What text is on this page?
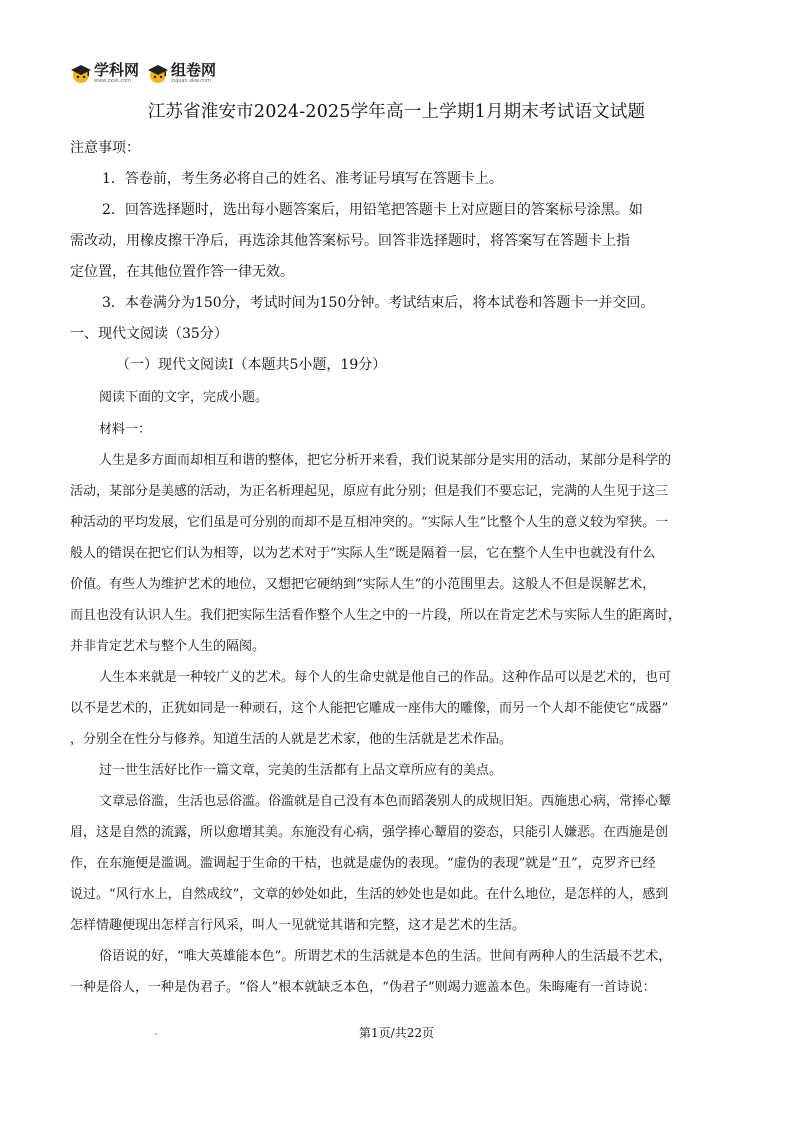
学科网
www.zxxk.com
组卷网
zujuan.xkw.com
江苏省淮安市2024-2025学年高一上学期1月期末考试语文试题
注意事项：
1．答卷前，考生务必将自己的姓名、准考证号填写在答题卡上。
2．回答选择题时，选出每小题答案后，用铅笔把答题卡上对应题目的答案标号涂黑。如
需改动，用橡皮擦干净后，再选涂其他答案标号。回答非选择题时，将答案写在答题卡上指
定位置，在其他位置作答一律无效。
3．本卷满分为150分，考试时间为150分钟。考试结束后，将本试卷和答题卡一并交回。
一、现代文阅读（35分）
（一）现代文阅读Ⅰ（本题共5小题，19分）
阅读下面的文字，完成小题。
材料一：
人生是多方面而却相互和谐的整体，把它分析开来看，我们说某部分是实用的活动，某部分是科学的
活动，某部分是美感的活动，为正名析理起见，原应有此分别；但是我们不要忘记，完满的人生见于这三
种活动的平均发展，它们虽是可分别的而却不是互相冲突的。“实际人生”比整个人生的意义较为窄狭。一
般人的错误在把它们认为相等，以为艺术对于“实际人生”既是隔着一层，它在整个人生中也就没有什么
价值。有些人为维护艺术的地位，又想把它硬纳到“实际人生”的小范围里去。这般人不但是误解艺术，
而且也没有认识人生。我们把实际生活看作整个人生之中的一片段，所以在肯定艺术与实际人生的距离时，
并非肯定艺术与整个人生的隔阂。
人生本来就是一种较广义的艺术。每个人的生命史就是他自己的作品。这种作品可以是艺术的，也可
以不是艺术的，正犹如同是一种顽石，这个人能把它雕成一座伟大的雕像，而另一个人却不能使它“成器”
，分别全在性分与修养。知道生活的人就是艺术家，他的生活就是艺术作品。
过一世生活好比作一篇文章，完美的生活都有上品文章所应有的美点。
文章忌俗滥，生活也忌俗滥。俗滥就是自己没有本色而蹈袭别人的成规旧矩。西施患心病，常捧心颦
眉，这是自然的流露，所以愈增其美。东施没有心病，强学捧心颦眉的姿态，只能引人嫌恶。在西施是创
作，在东施便是滥调。滥调起于生命的干枯，也就是虚伪的表现。“虚伪的表现”就是“丑”，克罗齐已经
说过。“风行水上，自然成纹”，文章的妙处如此，生活的妙处也是如此。在什么地位，是怎样的人，感到
怎样情趣便现出怎样言行风采，叫人一见就觉其谐和完整，这才是艺术的生活。
俗语说的好，“唯大英雄能本色”。所谓艺术的生活就是本色的生活。世间有两种人的生活最不艺术，
一种是俗人，一种是伪君子。“俗人”根本就缺乏本色，“伪君子”则竭力遮盖本色。朱晦庵有一首诗说：
第1页/共22页
